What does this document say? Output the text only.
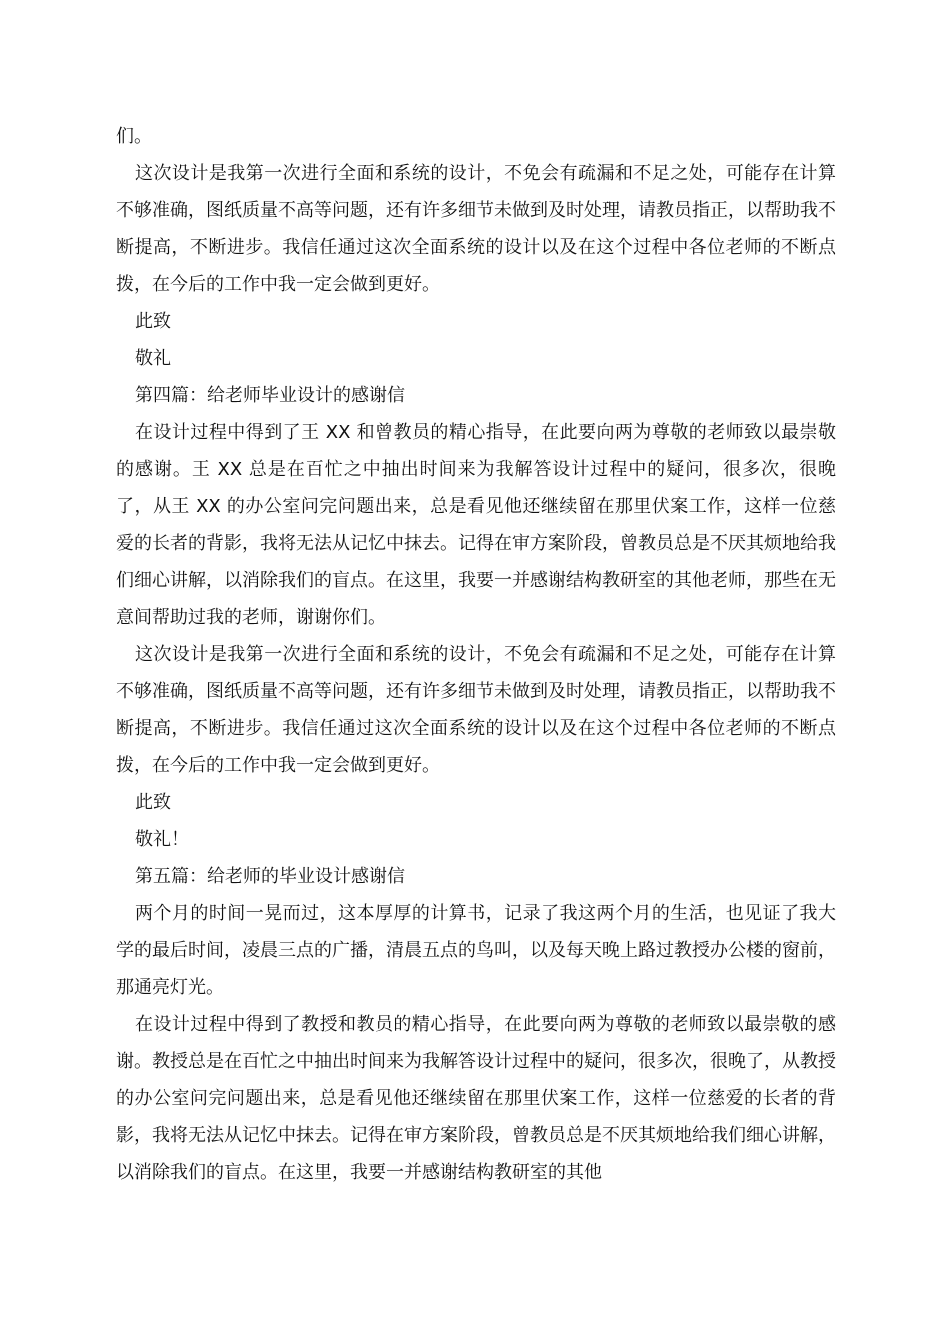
们。

这次设计是我第一次进行全面和系统的设计，不免会有疏漏和不足之处，可能存在计算不够准确，图纸质量不高等问题，还有许多细节未做到及时处理，请教员指正，以帮助我不断提高，不断进步。我信任通过这次全面系统的设计以及在这个过程中各位老师的不断点拨，在今后的工作中我一定会做到更好。

此致

敬礼

第四篇：给老师毕业设计的感谢信

在设计过程中得到了王 XX 和曾教员的精心指导，在此要向两为尊敬的老师致以最崇敬的感谢。王 XX 总是在百忙之中抽出时间来为我解答设计过程中的疑问，很多次，很晚了，从王 XX 的办公室问完问题出来，总是看见他还继续留在那里伏案工作，这样一位慈爱的长者的背影，我将无法从记忆中抹去。记得在审方案阶段，曾教员总是不厌其烦地给我们细心讲解，以消除我们的盲点。在这里，我要一并感谢结构教研室的其他老师，那些在无意间帮助过我的老师，谢谢你们。

这次设计是我第一次进行全面和系统的设计，不免会有疏漏和不足之处，可能存在计算不够准确，图纸质量不高等问题，还有许多细节未做到及时处理，请教员指正，以帮助我不断提高，不断进步。我信任通过这次全面系统的设计以及在这个过程中各位老师的不断点拨，在今后的工作中我一定会做到更好。

此致

敬礼！

第五篇：给老师的毕业设计感谢信

两个月的时间一晃而过，这本厚厚的计算书，记录了我这两个月的生活，也见证了我大学的最后时间，凌晨三点的广播，清晨五点的鸟叫，以及每天晚上路过教授办公楼的窗前，那通亮灯光。

在设计过程中得到了教授和教员的精心指导，在此要向两为尊敬的老师致以最崇敬的感谢。教授总是在百忙之中抽出时间来为我解答设计过程中的疑问，很多次，很晚了，从教授的办公室问完问题出来，总是看见他还继续留在那里伏案工作，这样一位慈爱的长者的背影，我将无法从记忆中抹去。记得在审方案阶段，曾教员总是不厌其烦地给我们细心讲解，以消除我们的盲点。在这里，我要一并感谢结构教研室的其他
